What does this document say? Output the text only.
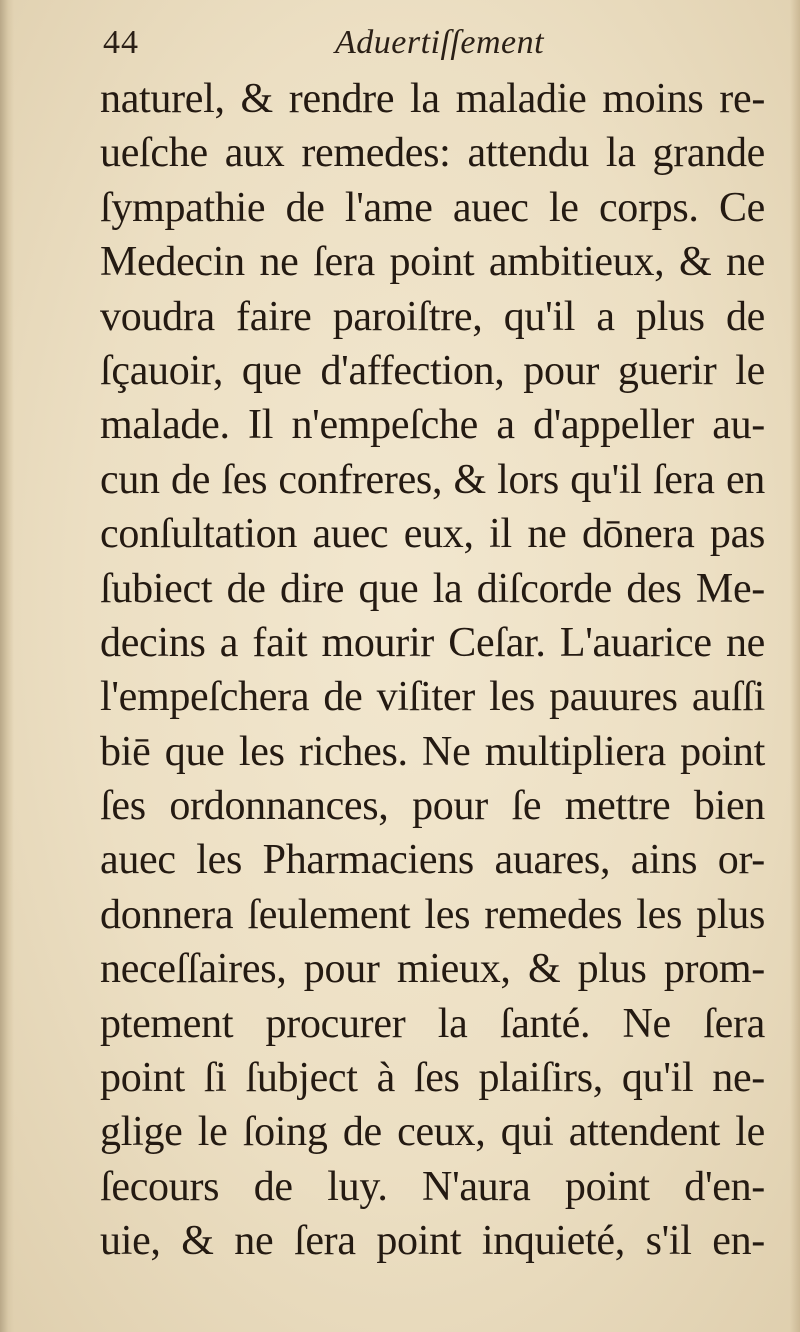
44	Aduertiſſement
naturel, & rendre la maladie moins re-
ueſche aux remedes: attendu la grande
ſympathie de l'ame auec le corps. Ce
Medecin ne ſera point ambitieux, & ne
voudra faire paroiſtre, qu'il a plus de
ſçauoir, que d'affection, pour guerir le
malade. Il n'empeſche a d'appeller au-
cun de ſes confreres, & lors qu'il ſera en
conſultation auec eux, il ne dōnera pas
ſubiect de dire que la diſcorde des Me-
decins a fait mourir Ceſar. L'auarice ne
l'empeſchera de viſiter les pauures auſſi
biē que les riches. Ne multipliera point
ſes ordonnances, pour ſe mettre bien
auec les Pharmaciens auares, ains or-
donnera ſeulement les remedes les plus
neceſſaires, pour mieux, & plus prom-
ptement procurer la ſanté. Ne ſera
point ſi ſubject à ſes plaiſirs, qu'il ne-
glige le ſoing de ceux, qui attendent le
ſecours de luy. N'aura point d'en-
uie, & ne ſera point inquieté, s'il en-
